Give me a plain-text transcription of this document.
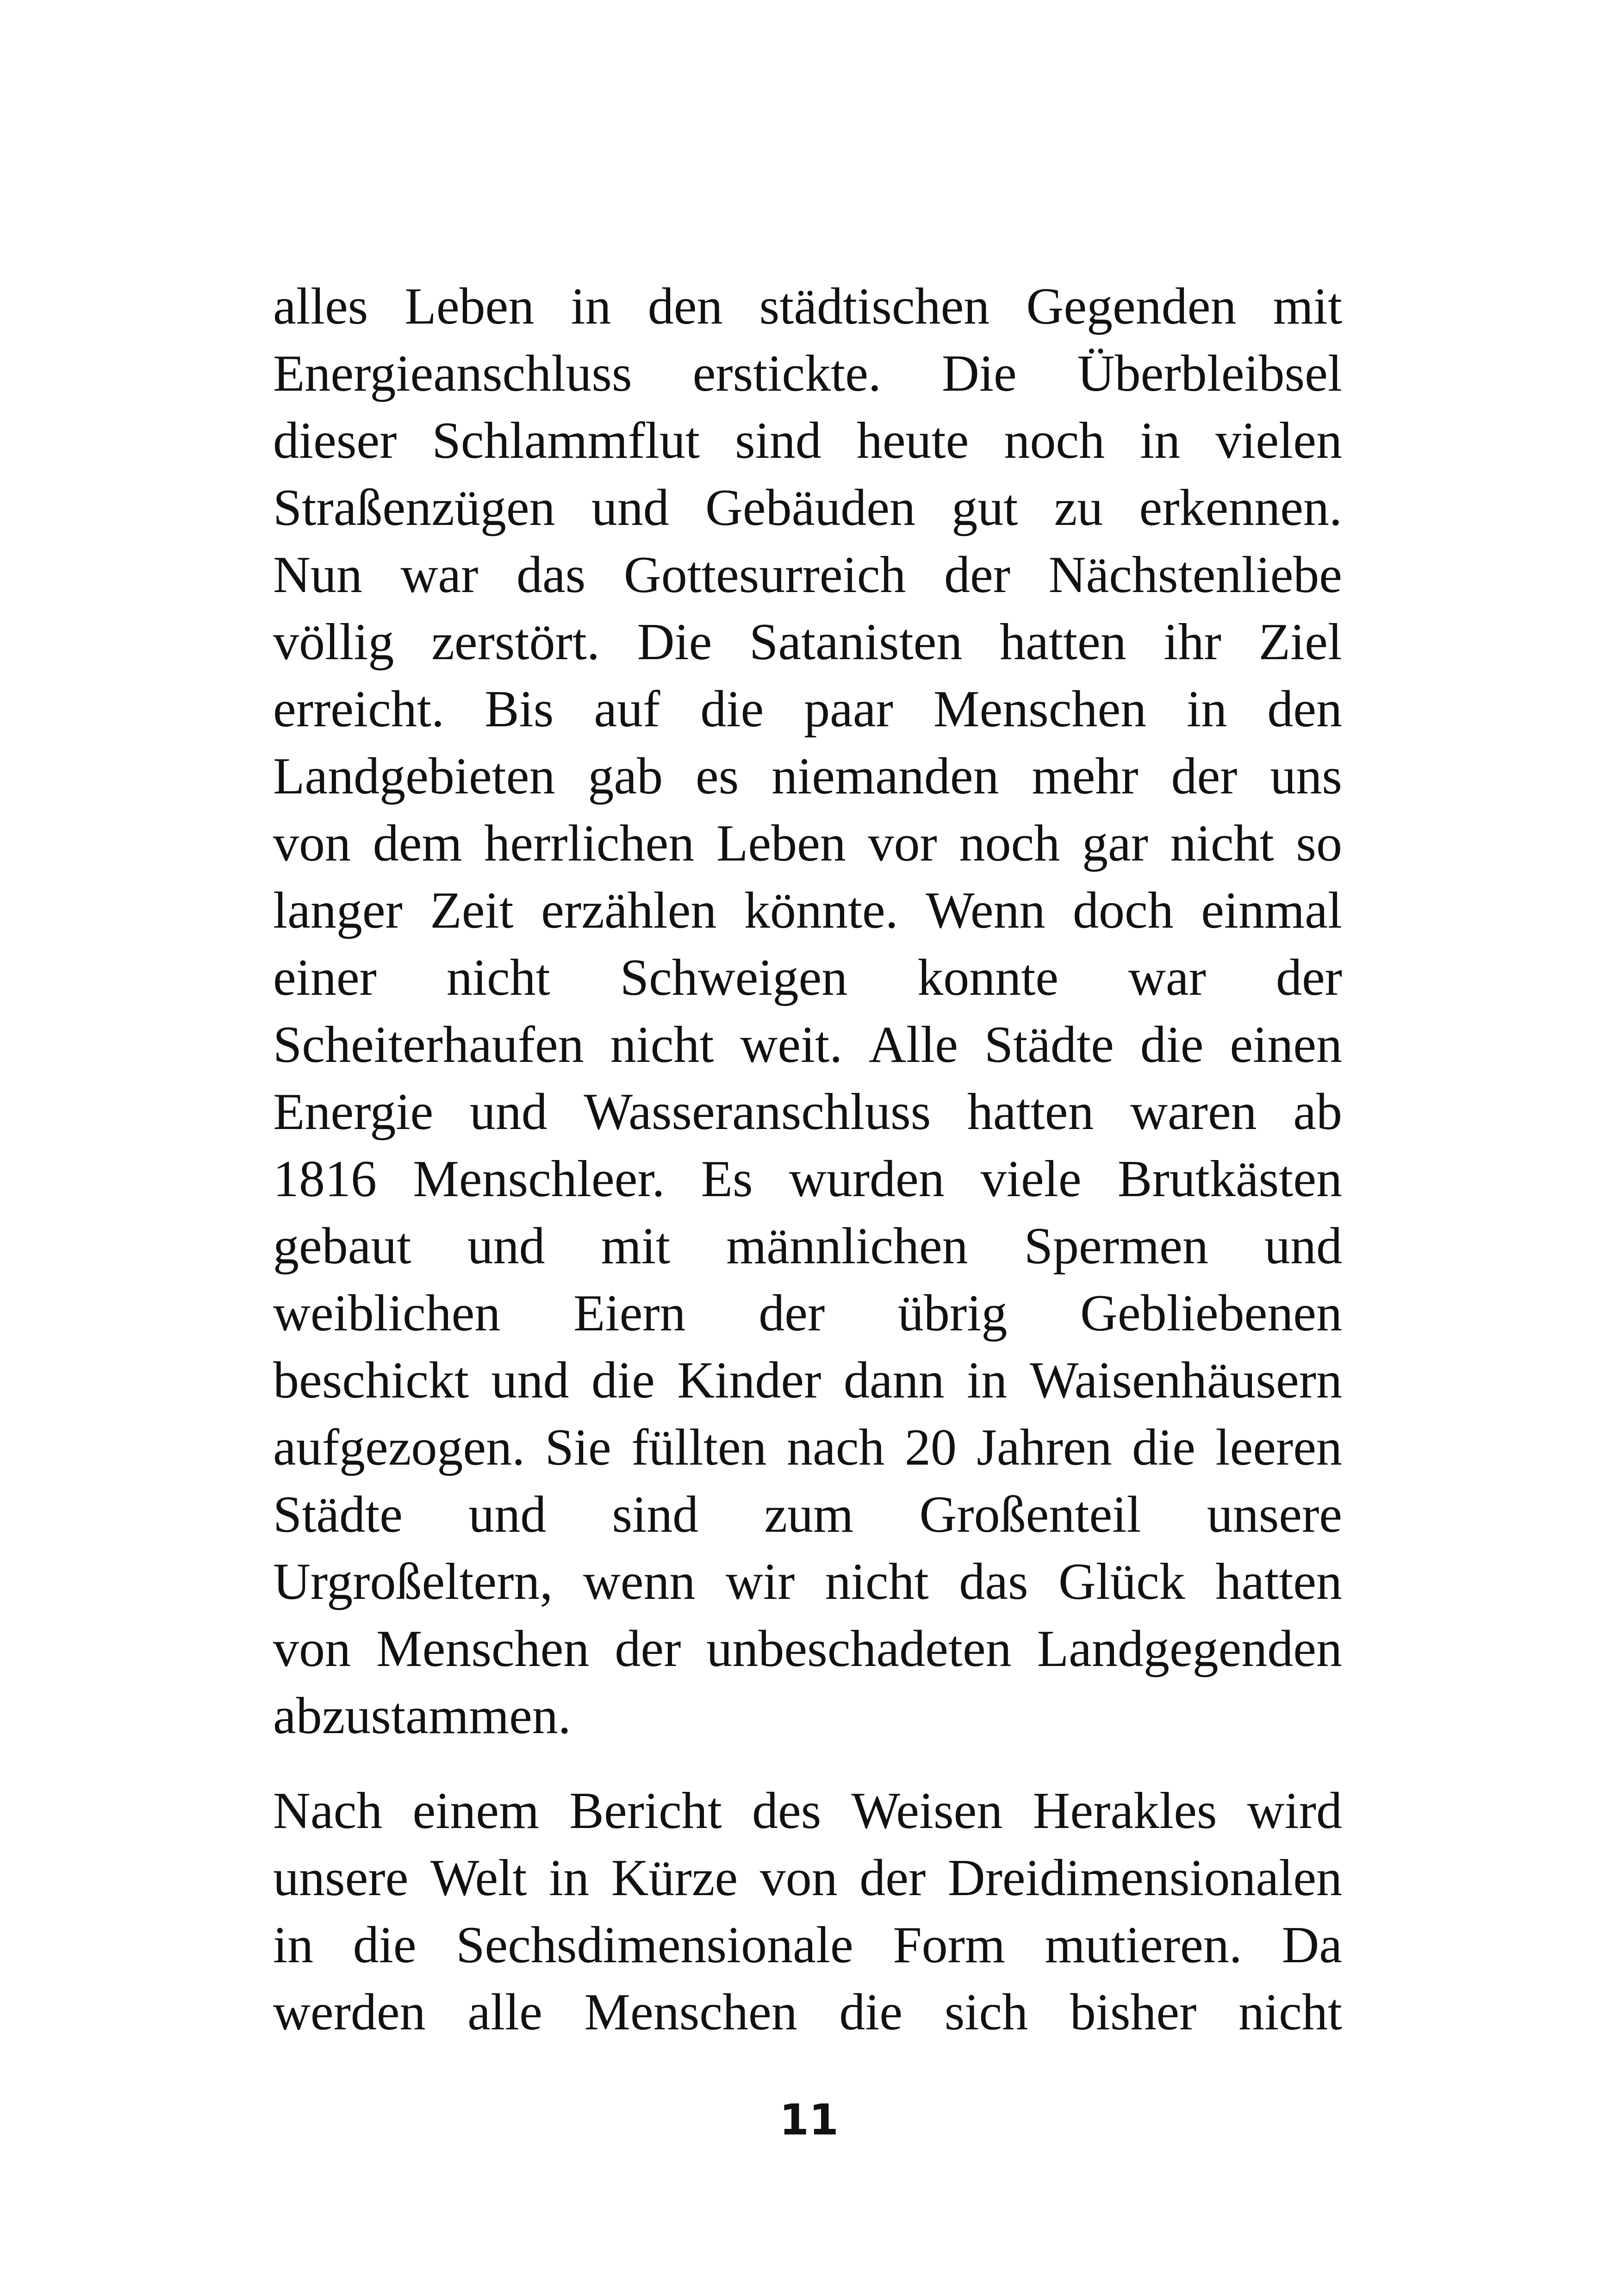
alles Leben in den städtischen Gegenden mit
Energieanschluss erstickte. Die Überbleibsel
dieser Schlammflut sind heute noch in vielen
Straßenzügen und Gebäuden gut zu erkennen.
Nun war das Gottesurreich der Nächstenliebe
völlig zerstört. Die Satanisten hatten ihr Ziel
erreicht. Bis auf die paar Menschen in den
Landgebieten gab es niemanden mehr der uns
von dem herrlichen Leben vor noch gar nicht so
langer Zeit erzählen könnte. Wenn doch einmal
einer nicht Schweigen konnte war der
Scheiterhaufen nicht weit. Alle Städte die einen
Energie und Wasseranschluss hatten waren ab
1816 Menschleer. Es wurden viele Brutkästen
gebaut und mit männlichen Spermen und
weiblichen Eiern der übrig Gebliebenen
beschickt und die Kinder dann in Waisenhäusern
aufgezogen. Sie füllten nach 20 Jahren die leeren
Städte und sind zum Großenteil unsere
Urgroßeltern, wenn wir nicht das Glück hatten
von Menschen der unbeschadeten Landgegenden
abzustammen.
Nach einem Bericht des Weisen Herakles wird
unsere Welt in Kürze von der Dreidimensionalen
in die Sechsdimensionale Form mutieren. Da
werden alle Menschen die sich bisher nicht
11
